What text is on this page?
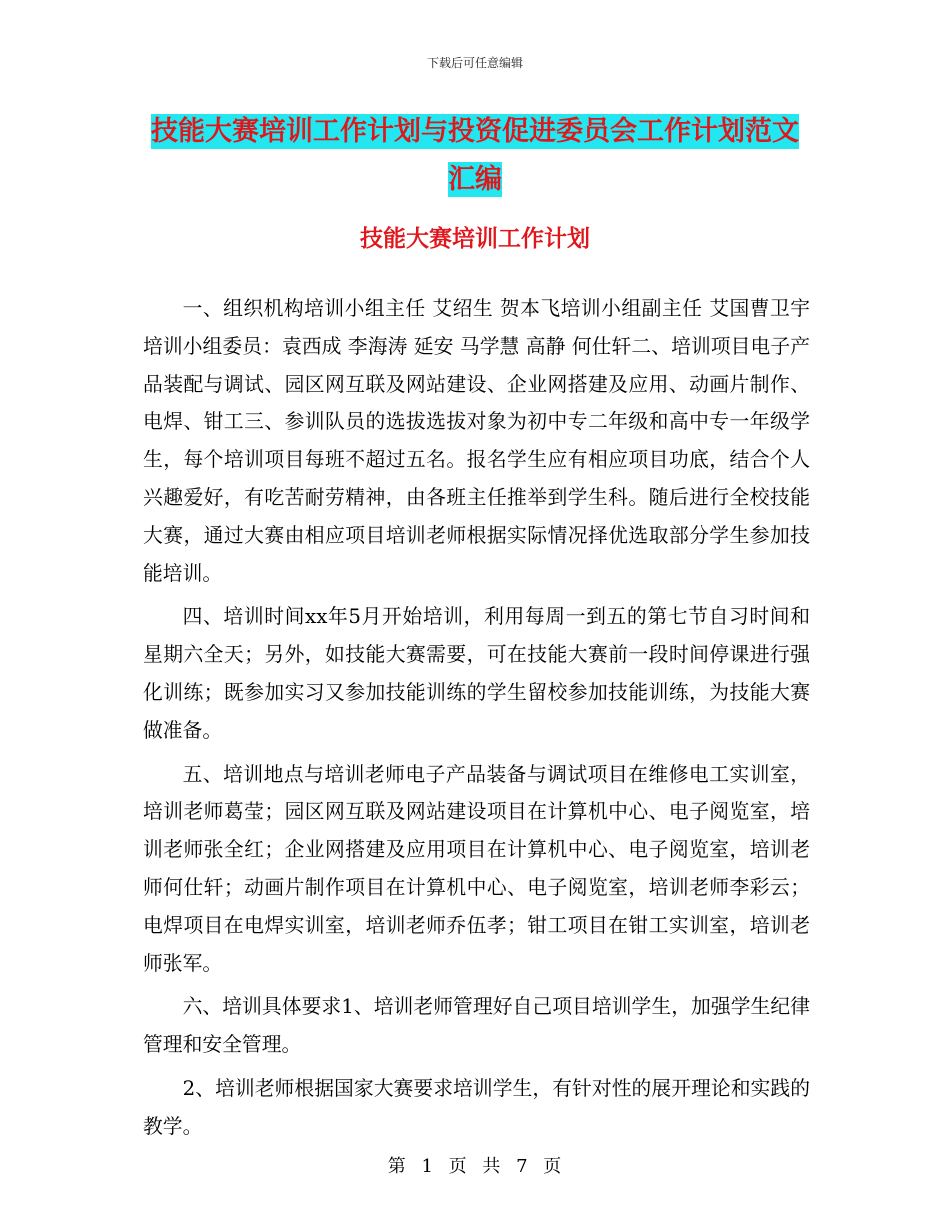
下载后可任意编辑
技能大赛培训工作计划与投资促进委员会工作计划范文汇编
技能大赛培训工作计划

一、组织机构培训小组主任 艾绍生 贺本飞培训小组副主任 艾国曹卫宇培训小组委员：袁西成 李海涛 延安 马学慧 高静 何仕轩二、培训项目电子产品装配与调试、园区网互联及网站建设、企业网搭建及应用、动画片制作、电焊、钳工三、参训队员的选拔选拔对象为初中专二年级和高中专一年级学生，每个培训项目每班不超过五名。报名学生应有相应项目功底，结合个人兴趣爱好，有吃苦耐劳精神，由各班主任推举到学生科。随后进行全校技能大赛，通过大赛由相应项目培训老师根据实际情况择优选取部分学生参加技能培训。

四、培训时间xx年5月开始培训，利用每周一到五的第七节自习时间和星期六全天；另外，如技能大赛需要，可在技能大赛前一段时间停课进行强化训练；既参加实习又参加技能训练的学生留校参加技能训练，为技能大赛做准备。

五、培训地点与培训老师电子产品装备与调试项目在维修电工实训室，培训老师葛莹；园区网互联及网站建设项目在计算机中心、电子阅览室，培训老师张全红；企业网搭建及应用项目在计算机中心、电子阅览室，培训老师何仕轩；动画片制作项目在计算机中心、电子阅览室，培训老师李彩云；电焊项目在电焊实训室，培训老师乔伍孝；钳工项目在钳工实训室，培训老师张军。

六、培训具体要求1、培训老师管理好自己项目培训学生，加强学生纪律管理和安全管理。

2、培训老师根据国家大赛要求培训学生，有针对性的展开理论和实践的教学。

第 1 页 共 7 页
